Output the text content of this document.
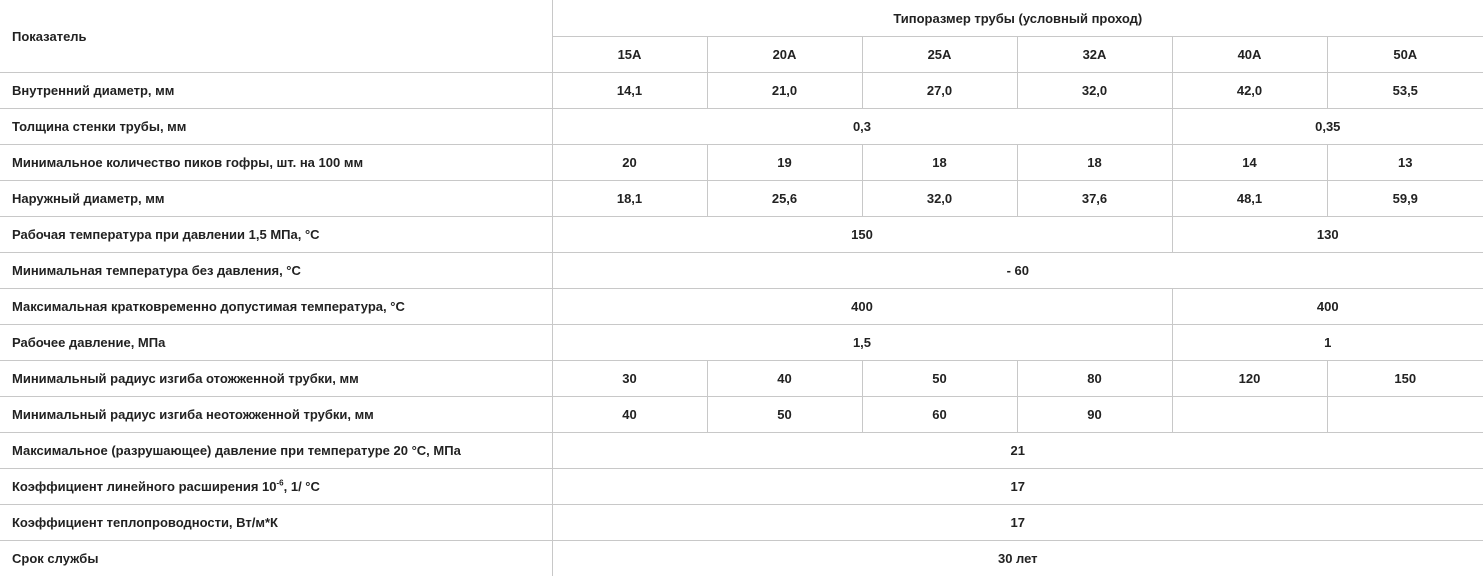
Показатель	Типоразмер трубы (условный проход)					
	15A	20A	25A	32A	40A	50A
Внутренний диаметр, мм	14,1	21,0	27,0	32,0	42,0	53,5
Толщина стенки трубы, мм	0,3				0,35	
Минимальное количество пиков гофры, шт. на 100 мм	20	19	18	18	14	13
Наружный диаметр, мм	18,1	25,6	32,0	37,6	48,1	59,9
Рабочая температура при давлении 1,5 МПа, °С	150				130	
Минимальная температура без давления, °С	- 60					
Максимальная кратковременно допустимая температура, °С	400				400	
Рабочее давление, МПа	1,5				1	
Минимальный радиус изгиба отожженной трубки, мм	30	40	50	80	120	150
Минимальный радиус изгиба неотожженной трубки, мм	40	50	60	90		
Максимальное (разрушающее) давление при температуре 20 °С, МПа	21					
Коэффициент линейного расширения $10^{-6}$, 1/ °С	17					
Коэффициент теплопроводности, Вт/м*К	17					
Срок службы	30 лет					
